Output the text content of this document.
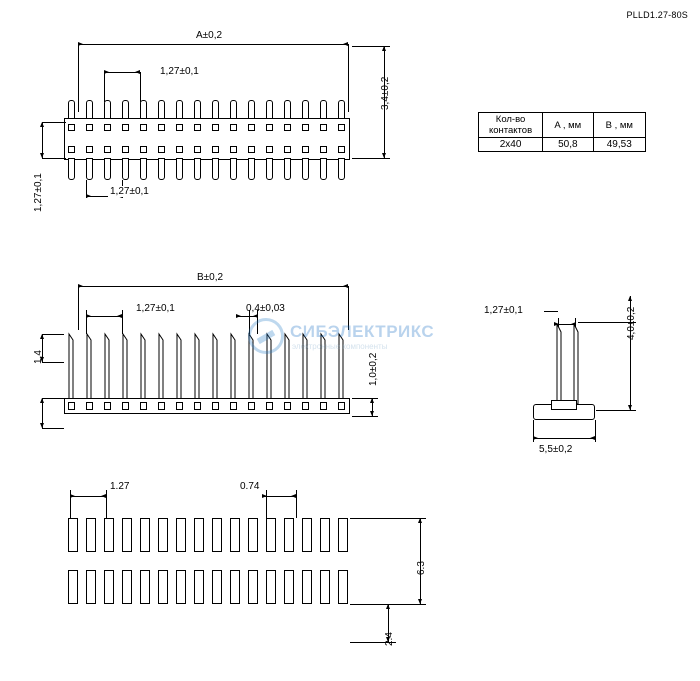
PLLD1.27-80S
A±0,2
1,27±0,1
3,4±0,2
1,27±0,1	1,27±0,1
Кол-во
контактов	A , мм	B , мм
2x40	50,8	49,53
B±0,2
1,27±0,1	0,4±0,03
1,4	1,0±0,2
1,27±0,1	4,0±0,2
5,5±0,2
1.27	0.74
6.3
2.4
СИБЭЛЕКТРИКС
электронные компоненты
